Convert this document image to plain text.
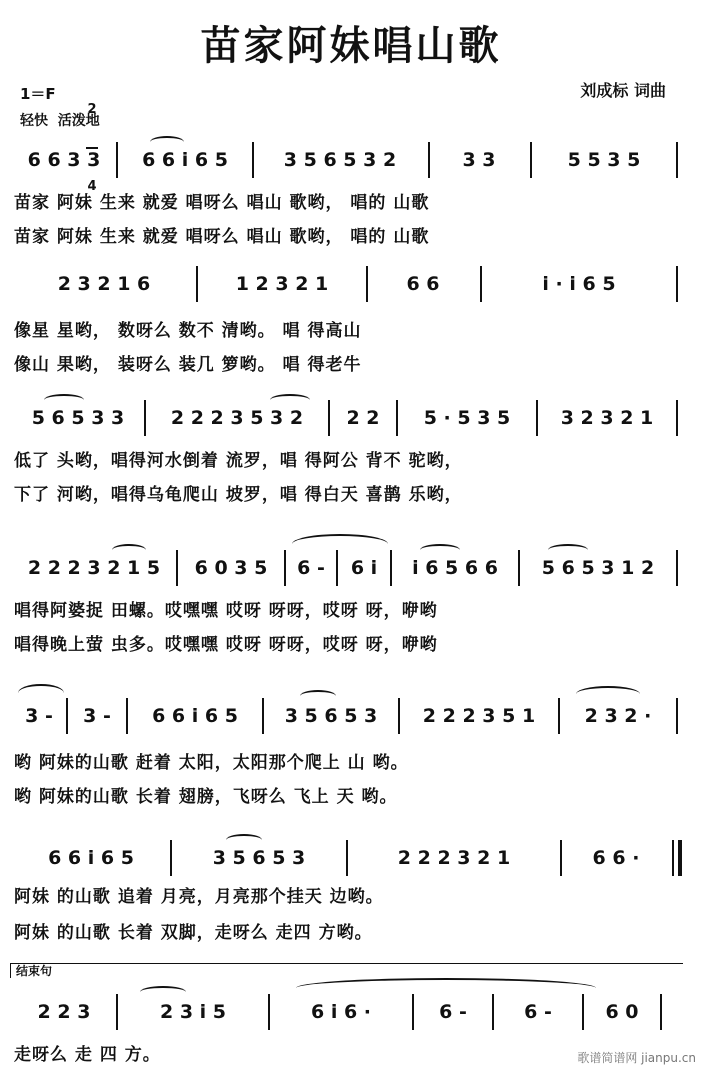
苗家阿妹唱山歌
刘成标 词曲
1＝F

2

4

轻快  活泼地
6 6 3 3	6 6 i 6 5	3 5 6 5 3 2	3 3	5 5 3 5
苗家 阿妹 生来 就爱 唱呀么 唱山 歌哟， 唱的 山歌
苗家 阿妹 生来 就爱 唱呀么 唱山 歌哟， 唱的 山歌
2 3 2 1 6	1 2 3 2 1	6 6	i · i 6 5
像星 星哟， 数呀么 数不 清哟。 唱 得高山
像山 果哟， 装呀么 装几 箩哟。 唱 得老牛
5 6 5 3 3	2 2 2 3 5 3 2	2 2	5 · 5 3 5	3 2 3 2 1
低了 头哟，唱得河水倒着 流罗，唱 得阿公 背不 驼哟，
下了 河哟，唱得乌龟爬山 坡罗，唱 得白天 喜鹊 乐哟，
2 2 2 3 2 1 5	6 0 3 5	6 -	6 i	i 6 5 6 6	5 6 5 3 1 2
唱得阿婆捉 田螺。哎嘿嘿 哎呀 呀呀，哎呀 呀，咿哟
唱得晚上萤 虫多。哎嘿嘿 哎呀 呀呀，哎呀 呀，咿哟
3 -	3 -	6 6 i 6 5	3 5 6 5 3	2 2 2 3 5 1	2 3 2 ·
哟 阿妹的山歌 赶着 太阳，太阳那个爬上 山 哟。
哟 阿妹的山歌 长着 翅膀，飞呀么 飞上 天 哟。
6 6 i 6 5	3 5 6 5 3	2 2 2 3 2 1	6 6 ·
阿妹 的山歌 追着 月亮，月亮那个挂天 边哟。
阿妹 的山歌 长着 双脚，走呀么 走四 方哟。
结束句
2 2 3	2 3 i 5	6 i 6 ·	6 -	6 -	6 0
走呀么 走 四 方。	歌谱简谱网 jianpu.cn
